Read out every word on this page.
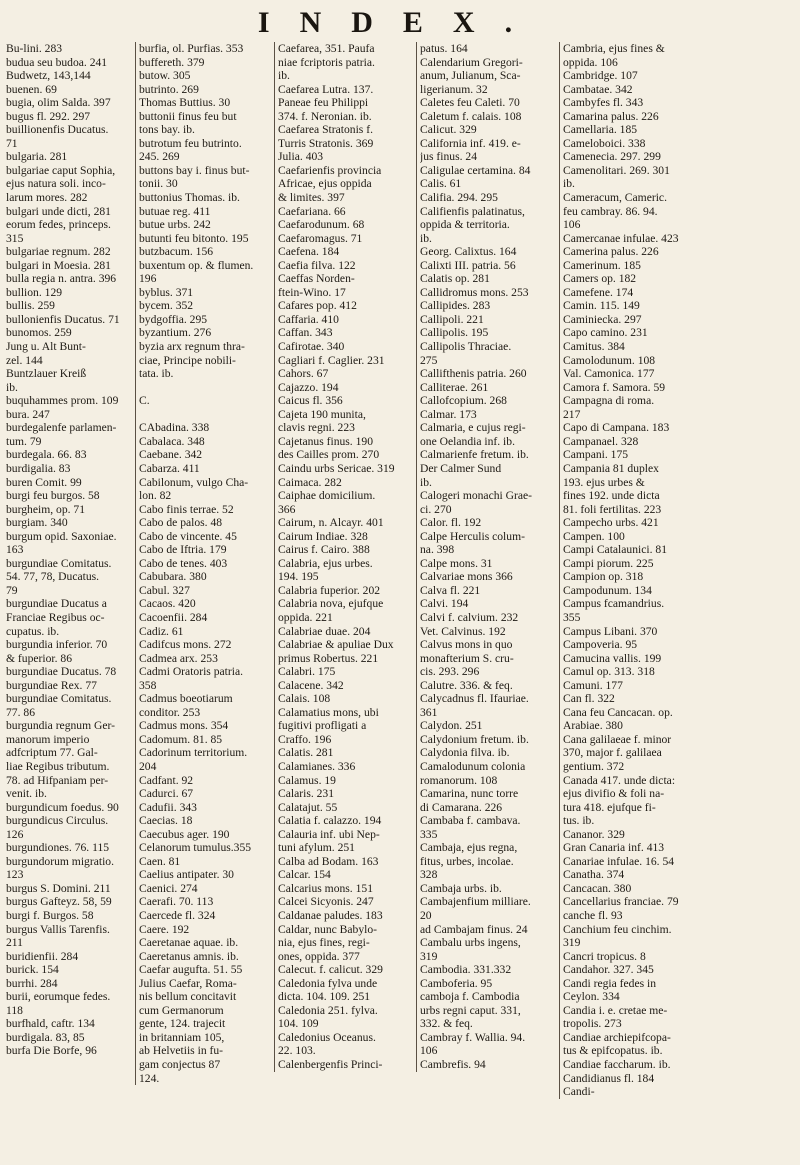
INDEX.
Bu-lini. 283
budua seu budoa. 241
Budwetz, 143,144
buenen. 69
bugia, olim Salda. 397
bugus fl. 292. 297
buillionenfis Ducatus.
71
bulgaria. 281
bulgariae caput Sophia,
ejus natura soli. inco-
larum mores. 282
bulgari unde dicti, 281
eorum fedes, princeps.
315
bulgariae regnum. 282
bulgari in Moesia. 281
bulla regia n. antra. 396
bullion. 129
bullis. 259
bullonienfis Ducatus. 71
bunomos. 259
Jung u. Alt Bunt-
zel. 144
Buntzlauer Kreiß
ib.
buquhammes prom. 109
bura. 247
burdegalenfe parlamen-
tum. 79
burdegala. 66. 83
burdigalia. 83
buren Comit. 99
burgi feu burgos. 58
burgheim, op. 71
burgiam. 340
burgum opid. Saxoniae.
163
burgundiae Comitatus.
54. 77, 78, Ducatus.
79
burgundiae Ducatus a
Franciae Regibus oc-
cupatus. ib.
burgundia inferior. 70
& fuperior. 86
burgundiae Ducatus. 78
burgundiae Rex. 77
burgundiae Comitatus.
77. 86
burgundia regnum Ger-
manorum imperio
adfcriptum 77. Gal-
liae Regibus tributum.
78. ad Hifpaniam per-
venit. ib.
burgundicum foedus. 90
burgundicus Circulus.
126
burgundiones. 76. 115
burgundorum migratio.
123
burgus S. Domini. 211
burgus Gafteyz. 58, 59
burgi f. Burgos. 58
burgus Vallis Tarenfis.
211
buridienfii. 284
burick. 154
burrhi. 284
burii, eorumque fedes.
118
burfhald, caftr. 134
burdigala. 83, 85
burfa Die Borfe, 96
burfia, ol. Purfias. 353
buffereth. 379
butow. 305
butrinto. 269
Thomas Buttius. 30
buttonii finus feu but
tons bay. ib.
butrotum feu butrinto.
245. 269
buttons bay i. finus but-
tonii. 30
buttonius Thomas. ib.
butuae reg. 411
butue urbs. 242
butunti feu bitonto. 195
butzbacum. 156
buxentum op. & flumen.
196
byblus. 371
bycem. 352
bydgoffia. 295
byzantium. 276
byzia arx regnum thra-
ciae, Principe nobili-
tata. ib.
C.
CAbadina. 338
Cabalaca. 348
Caebane. 342
Cabarza. 411
Cabilonum, vulgo Cha-
lon. 82
Cabo finis terrae. 52
Cabo de palos. 48
Cabo de vincente. 45
Cabo de Iftria. 179
Cabo de tenes. 403
Cabubara. 380
Cabul. 327
Cacaos. 420
Cacoenfii. 284
Cadiz. 61
Cadifcus mons. 272
Cadmea arx. 253
Cadmi Oratoris patria.
358
Cadmus boeotiarum
conditor. 253
Cadmus mons. 354
Cadomum. 81. 85
Cadorinum territorium.
204
Cadfant. 92
Cadurci. 67
Cadufii. 343
Caecias. 18
Caecubus ager. 190
Celanorum tumulus.355
Caen. 81
Caelius antipater. 30
Caenici. 274
Caerafi. 70. 113
Caercede fl. 324
Caere. 192
Caeretanae aquae. ib.
Caeretanus amnis. ib.
Caefar augufta. 51. 55
Julius Caefar, Roma-
nis bellum concitavit
cum Germanorum
gente, 124. trajecit
in britanniam 105,
ab Helvetiis in fu-
gam conjectus 87
124.
Caefarea, 351. Paufa
niae fcriptoris patria.
ib.
Caefarea Lutra. 137.
Paneae feu Philippi
374. f. Neronian. ib.
Caefarea Stratonis f.
Turris Stratonis. 369
Julia. 403
Caefarienfis provincia
Africae, ejus oppida
& limites. 397
Caefariana. 66
Caefarodunum. 68
Caefaromagus. 71
Caefena. 184
Caefia filva. 122
Caeffas Norden-
ftein-Wino. 17
Cafares pop. 412
Caffaria. 410
Caffan. 343
Cafirotae. 340
Cagliari f. Caglier. 231
Cahors. 67
Cajazzo. 194
Caicus fl. 356
Cajeta 190 munita,
clavis regni. 223
Cajetanus finus. 190
des Cailles prom. 270
Caindu urbs Sericae. 319
Caimaca. 282
Caiphae domicilium.
366
Cairum, n. Alcayr. 401
Cairum Indiae. 328
Cairus f. Cairo. 388
Calabria, ejus urbes.
194. 195
Calabria fuperior. 202
Calabria nova, ejufque
oppida. 221
Calabriae duae. 204
Calabriae & apuliae Dux
primus Robertus. 221
Calabri. 175
Calacene. 342
Calais. 108
Calamatius mons, ubi
fugitivi profligati a
Craffo. 196
Calatis. 281
Calamianes. 336
Calamus. 19
Calaris. 231
Calatajut. 55
Calatia f. calazzo. 194
Calauria inf. ubi Nep-
tuni afylum. 251
Calba ad Bodam. 163
Calcar. 154
Calcarius mons. 151
Calcei Sicyonis. 247
Caldanae paludes. 183
Caldar, nunc Babylo-
nia, ejus fines, regi-
ones, oppida. 377
Calecut. f. calicut. 329
Caledonia fylva unde
dicta. 104. 109. 251
Caledonia 251. fylva.
104. 109
Caledonius Oceanus.
22. 103.
Calenbergenfis Princi-
patus. 164
Calendarium Gregori-
anum, Julianum, Sca-
ligerianum. 32
Caletes feu Caleti. 70
Caletum f. calais. 108
Calicut. 329
California inf. 419. e-
jus finus. 24
Caligulae certamina. 84
Calis. 61
Califia. 294. 295
Califienfis palatinatus,
oppida & territoria.
ib.
Georg. Calixtus. 164
Calixti III. patria. 56
Calatis op. 281
Callidromus mons. 253
Callipides. 283
Callipoli. 221
Callipolis. 195
Callipolis Thraciae.
275
Callifthenis patria. 260
Calliterae. 261
Callofcopium. 268
Calmar. 173
Calmaria, e cujus regi-
one Oelandia inf. ib.
Calmarienfe fretum. ib.
Der Calmer Sund
ib.
Calogeri monachi Grae-
ci. 270
Calor. fl. 192
Calpe Herculis colum-
na. 398
Calpe mons. 31
Calvariae mons 366
Calva fl. 221
Calvi. 194
Calvi f. calvium. 232
Vet. Calvinus. 192
Calvus mons in quo
monafterium S. cru-
cis. 293. 296
Calutre. 336. & feq.
Calycadnus fl. Ifauriae.
361
Calydon. 251
Calydonium fretum. ib.
Calydonia filva. ib.
Camalodunum colonia
romanorum. 108
Camarina, nunc torre
di Camarana. 226
Cambaba f. cambava.
335
Cambaja, ejus regna,
fitus, urbes, incolae.
328
Cambaja urbs. ib.
Cambajenfium milliare.
20
ad Cambajam finus. 24
Cambalu urbs ingens,
319
Cambodia. 331.332
Camboferia. 95
camboja f. Cambodia
urbs regni caput. 331,
332. & feq.
Cambray f. Wallia. 94.
106
Cambrefis. 94
Cambria, ejus fines &
oppida. 106
Cambridge. 107
Cambatae. 342
Cambyfes fl. 343
Camarina palus. 226
Camellaria. 185
Cameloboici. 338
Camenecia. 297. 299
Camenolitari. 269. 301
ib.
Cameracum, Cameric.
feu cambray. 86. 94.
106
Camercanae infulae. 423
Camerina palus. 226
Camerinum. 185
Camers op. 182
Camefene. 174
Camin. 115. 149
Caminiecka. 297
Capo camino. 231
Camitus. 384
Camolodunum. 108
Val. Camonica. 177
Camora f. Samora. 59
Campagna di roma.
217
Capo di Campana. 183
Campanael. 328
Campani. 175
Campania 81 duplex
193. ejus urbes &
fines 192. unde dicta
81. foli fertilitas. 223
Campecho urbs. 421
Campen. 100
Campi Catalaunici. 81
Campi piorum. 225
Campion op. 318
Campodunum. 134
Campus fcamandrius.
355
Campus Libani. 370
Campoveria. 95
Camucina vallis. 199
Camul op. 313. 318
Camuni. 177
Can fl. 322
Cana feu Cancacan. op.
Arabiae. 380
Cana galilaeae f. minor
370, major f. galilaea
gentium. 372
Canada 417. unde dicta:
ejus divifio & foli na-
tura 418. ejufque fi-
tus. ib.
Cananor. 329
Gran Canaria inf. 413
Canariae infulae. 16. 54
Canatha. 374
Cancacan. 380
Cancellarius franciae. 79
canche fl. 93
Canchium feu cinchim.
319
Cancri tropicus. 8
Candahor. 327. 345
Candi regia fedes in
Ceylon. 334
Candia i. e. cretae me-
tropolis. 273
Candiae archiepifcopa-
tus & epifcopatus. ib.
Candiae faccharum. ib.
Candidianus fl. 184
Candi-
